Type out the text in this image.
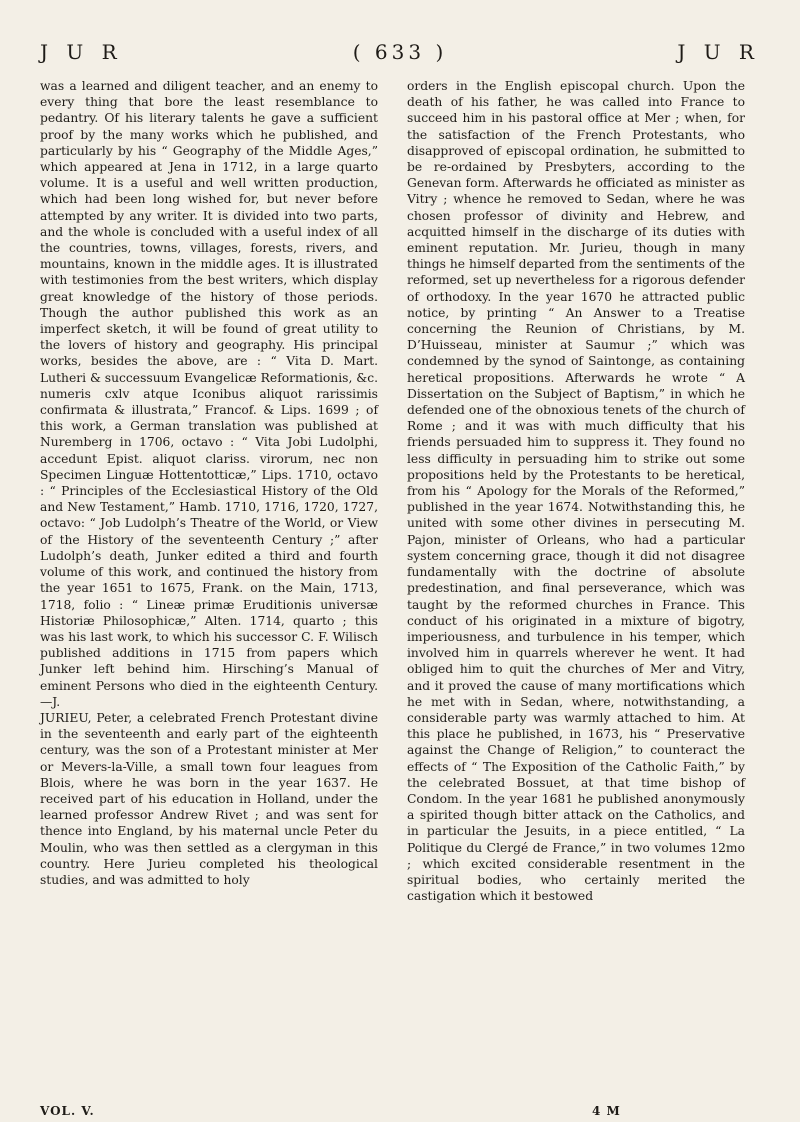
J U R	( 633 )	J U R

was a learned and diligent teacher, and an enemy to every thing that bore the least resemblance to pedantry. Of his literary talents he gave a sufficient proof by the many works which he published, and particularly by his “ Geography of the Middle Ages,” which appeared at Jena in 1712, in a large quarto volume. It is a useful and well written production, which had been long wished for, but never before attempted by any writer. It is divided into two parts, and the whole is concluded with a useful index of all the countries, towns, villages, forests, rivers, and mountains, known in the middle ages. It is illustrated with testimonies from the best writers, which display great knowledge of the history of those periods. Though the author published this work as an imperfect sketch, it will be found of great utility to the lovers of history and geography. His principal works, besides the above, are : “ Vita D. Mart. Lutheri & successuum Evangelicæ Reformationis, &c. numeris cxlv atque Iconibus aliquot rarissimis confirmata & illustrata,” Francof. & Lips. 1699 ; of this work, a German translation was published at Nuremberg in 1706, octavo : “ Vita Jobi Ludolphi, accedunt Epist. aliquot clariss. virorum, nec non Specimen Linguæ Hottentotticæ,” Lips. 1710, octavo : “ Principles of the Ecclesiastical History of the Old and New Testament,” Hamb. 1710, 1716, 1720, 1727, octavo: “ Job Ludolph’s Theatre of the World, or View of the History of the seventeenth Century ;” after Ludolph’s death, Junker edited a third and fourth volume of this work, and continued the history from the year 1651 to 1675, Frank. on the Main, 1713, 1718, folio : “ Lineæ primæ Eruditionis universæ Historiæ Philosophicæ,” Alten. 1714, quarto ; this was his last work, to which his successor C. F. Wilisch published additions in 1715 from papers which Junker left behind him. Hirsching’s Manual of eminent Persons who died in the eighteenth Century.—J.

JURIEU, Peter, a celebrated French Protestant divine in the seventeenth and early part of the eighteenth century, was the son of a Protestant minister at Mer or Mevers-la-Ville, a small town four leagues from Blois, where he was born in the year 1637. He received part of his education in Holland, under the learned professor Andrew Rivet ; and was sent for thence into England, by his maternal uncle Peter du Moulin, who was then settled as a clergyman in this country. Here Jurieu completed his theological studies, and was admitted to holy

orders in the English episcopal church. Upon the death of his father, he was called into France to succeed him in his pastoral office at Mer ; when, for the satisfaction of the French Protestants, who disapproved of episcopal ordination, he submitted to be re-ordained by Presbyters, according to the Genevan form. Afterwards he officiated as minister as Vitry ; whence he removed to Sedan, where he was chosen professor of divinity and Hebrew, and acquitted himself in the discharge of its duties with eminent reputation. Mr. Jurieu, though in many things he himself departed from the sentiments of the reformed, set up nevertheless for a rigorous defender of orthodoxy. In the year 1670 he attracted public notice, by printing “ An Answer to a Treatise concerning the Reunion of Christians, by M. D’Huisseau, minister at Saumur ;” which was condemned by the synod of Saintonge, as containing heretical propositions. Afterwards he wrote “ A Dissertation on the Subject of Baptism,” in which he defended one of the obnoxious tenets of the church of Rome ; and it was with much difficulty that his friends persuaded him to suppress it. They found no less difficulty in persuading him to strike out some propositions held by the Protestants to be heretical, from his “ Apology for the Morals of the Reformed,” published in the year 1674. Notwithstanding this, he united with some other divines in persecuting M. Pajon, minister of Orleans, who had a particular system concerning grace, though it did not disagree fundamentally with the doctrine of absolute predestination, and final perseverance, which was taught by the reformed churches in France. This conduct of his originated in a mixture of bigotry, imperiousness, and turbulence in his temper, which involved him in quarrels wherever he went. It had obliged him to quit the churches of Mer and Vitry, and it proved the cause of many mortifications which he met with in Sedan, where, notwithstanding, a considerable party was warmly attached to him. At this place he published, in 1673, his “ Preservative against the Change of Religion,” to counteract the effects of “ The Exposition of the Catholic Faith,” by the celebrated Bossuet, at that time bishop of Condom. In the year 1681 he published anonymously a spirited though bitter attack on the Catholics, and in particular the Jesuits, in a piece entitled, “ La Politique du Clergé de France,” in two volumes 12mo ; which excited considerable resentment in the spiritual bodies, who certainly merited the castigation which it bestowed

VOL. V.	4 M
